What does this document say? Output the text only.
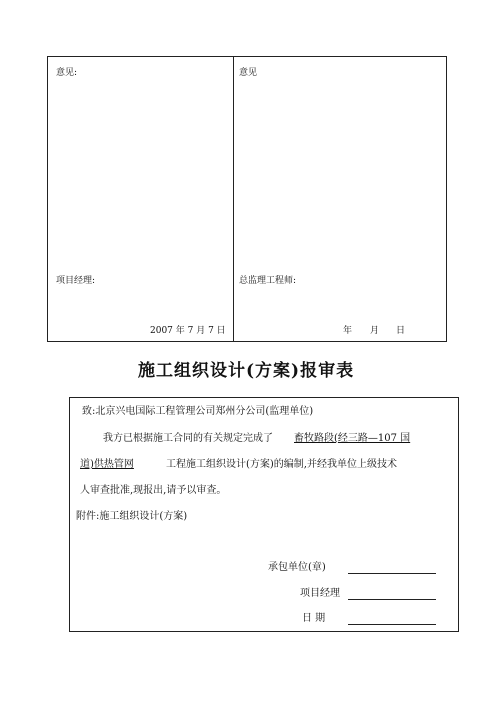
意见:
项目经理:
2007 年 7 月 7 日
意见
总监理工程师:
年 月 日
施工组织设计(方案)报审表
致:北京兴电国际工程管理公司郑州分公司(监理单位)
我方已根据施工合同的有关规定完成了 畜牧路段(经三路—107 国
道)供热管网	工程施工组织设计(方案)的编制,并经我单位上级技术
人审查批准,现报出,请予以审查。
附件:施工组织设计(方案)
承包单位(章)
项目经理
日 期
